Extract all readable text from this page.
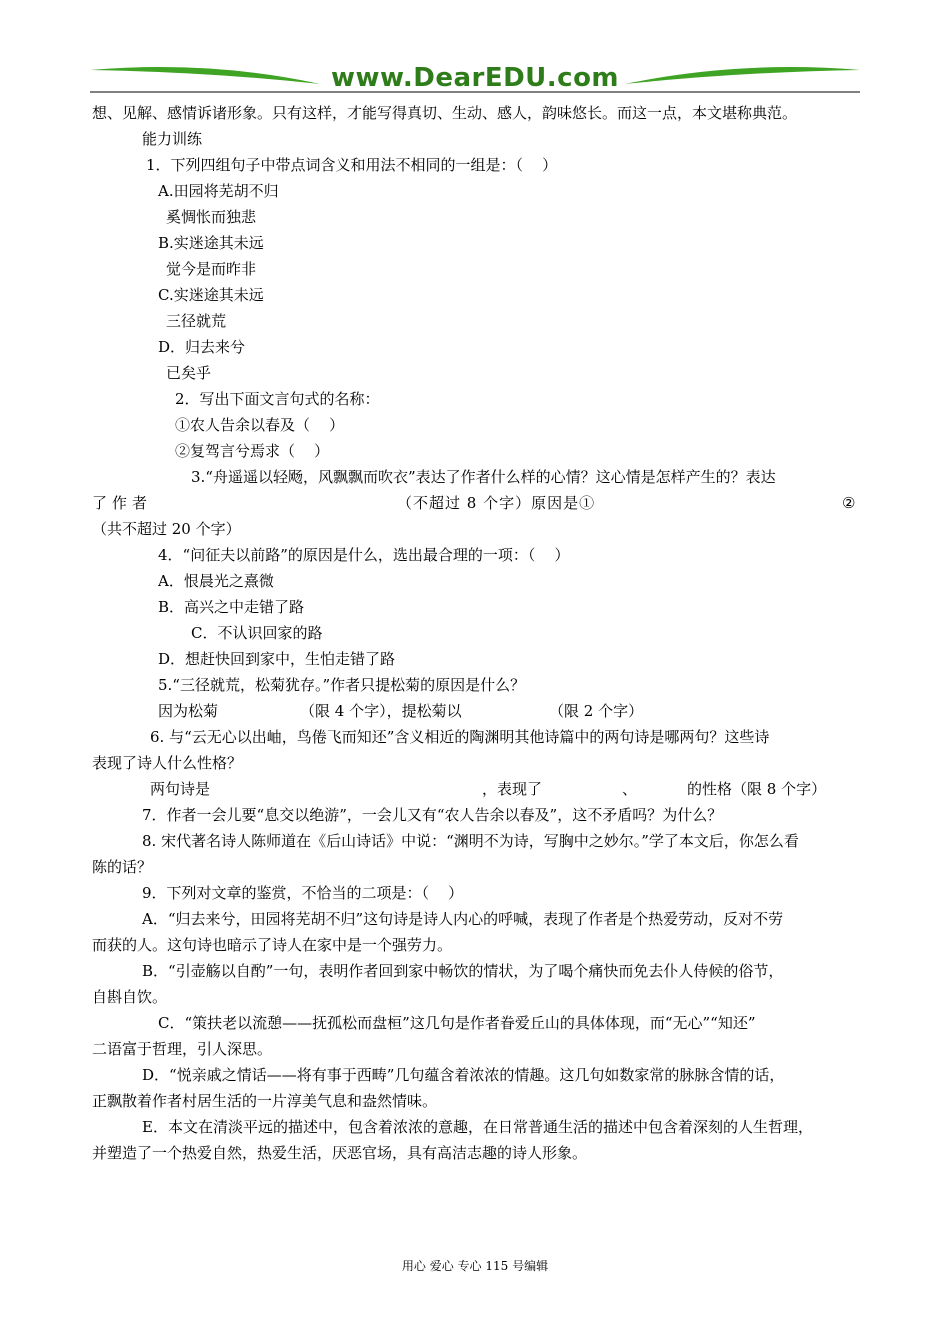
www.DearEDU.com
想、见解、感情诉诸形象。只有这样，才能写得真切、生动、感人，韵味悠长。而这一点，本文堪称典范。
能力训练
1．下列四组句子中带点词含义和用法不相同的一组是：（    ）
A.田园将芜胡不归
奚惆怅而独悲
B.实迷途其未远
觉今是而昨非
C.实迷途其未远
三径就荒
D．归去来兮
已矣乎
2．写出下面文言句式的名称：
①农人告余以春及（    ）
②复驾言兮焉求（    ）
3.“舟遥遥以轻飏，风飘飘而吹衣”表达了作者什么样的心情？这心情是怎样产生的？表达
了作者	（不超过 8 个字）原因是①	②
（共不超过 20 个字）
4．“问征夫以前路”的原因是什么，选出最合理的一项：（    ）
A．恨晨光之熹微
B．高兴之中走错了路
C．不认识回家的路
D．想赶快回到家中，生怕走错了路
5.“三径就荒，松菊犹存。”作者只提松菊的原因是什么？
因为松菊	（限 4 个字），提松菊以	（限 2 个字）
6. 与“云无心以出岫，鸟倦飞而知还”含义相近的陶渊明其他诗篇中的两句诗是哪两句？这些诗
表现了诗人什么性格？
两句诗是	，表现了	、	的性格（限 8 个字）
7．作者一会儿要“息交以绝游”，一会儿又有“农人告余以春及”，这不矛盾吗？为什么？
8. 宋代著名诗人陈师道在《后山诗话》中说：“渊明不为诗，写胸中之妙尔。”学了本文后，你怎么看
陈的话？
9．下列对文章的鉴赏，不恰当的二项是：（    ）
A．“归去来兮，田园将芜胡不归”这句诗是诗人内心的呼喊，表现了作者是个热爱劳动，反对不劳
而获的人。这句诗也暗示了诗人在家中是一个强劳力。
B．“引壶觞以自酌”一句，表明作者回到家中畅饮的情状，为了喝个痛快而免去仆人侍候的俗节，
自斟自饮。
C．“策扶老以流憩——抚孤松而盘桓”这几句是作者眷爱丘山的具体体现，而“无心”“知还”
二语富于哲理，引人深思。
D．“悦亲戚之情话——将有事于西畴”几句蕴含着浓浓的情趣。这几句如数家常的脉脉含情的话，
正飘散着作者村居生活的一片淳美气息和盎然情味。
E．本文在清淡平远的描述中，包含着浓浓的意趣，在日常普通生活的描述中包含着深刻的人生哲理，
并塑造了一个热爱自然，热爱生活，厌恶官场，具有高洁志趣的诗人形象。
用心 爱心 专心 115 号编辑
